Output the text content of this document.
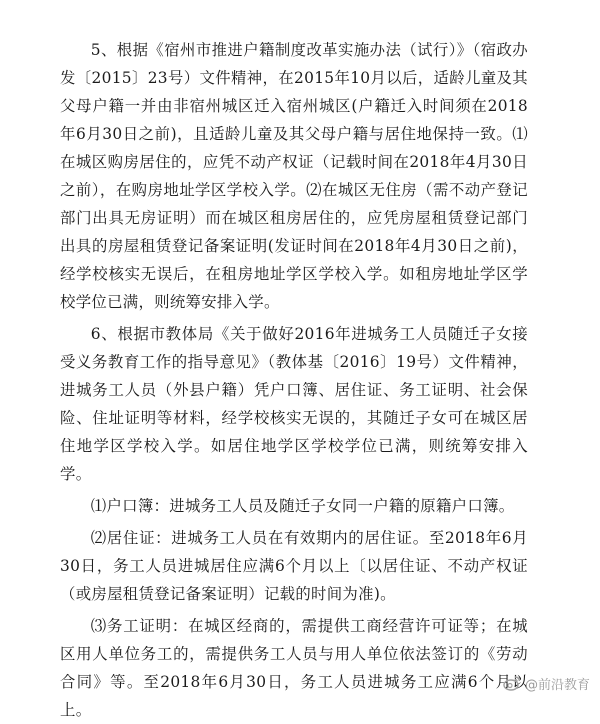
5、根据《宿州市推进户籍制度改革实施办法（试行）》（宿政办发〔2015〕23号）文件精神，在2015年10月以后，适龄儿童及其父母户籍一并由非宿州城区迁入宿州城区(户籍迁入时间须在2018年6月30日之前)，且适龄儿童及其父母户籍与居住地保持一致。⑴在城区购房居住的，应凭不动产权证（记载时间在2018年4月30日之前），在购房地址学区学校入学。⑵在城区无住房（需不动产登记部门出具无房证明）而在城区租房居住的，应凭房屋租赁登记部门出具的房屋租赁登记备案证明(发证时间在2018年4月30日之前)，经学校核实无误后，在租房地址学区学校入学。如租房地址学区学校学位已满，则统筹安排入学。

6、根据市教体局《关于做好2016年进城务工人员随迁子女接受义务教育工作的指导意见》（教体基〔2016〕19号）文件精神，进城务工人员（外县户籍）凭户口簿、居住证、务工证明、社会保险、住址证明等材料，经学校核实无误的，其随迁子女可在城区居住地学区学校入学。如居住地学区学校学位已满，则统筹安排入学。

⑴户口簿：进城务工人员及随迁子女同一户籍的原籍户口簿。

⑵居住证：进城务工人员在有效期内的居住证。至2018年6月30日，务工人员进城居住应满6个月以上〔以居住证、不动产权证（或房屋租赁登记备案证明）记载的时间为准)。

⑶务工证明：在城区经商的，需提供工商经营许可证等；在城区用人单位务工的，需提供务工人员与用人单位依法签订的《劳动合同》等。至2018年6月30日，务工人员进城务工应满6个月以上。

@前沿教育
